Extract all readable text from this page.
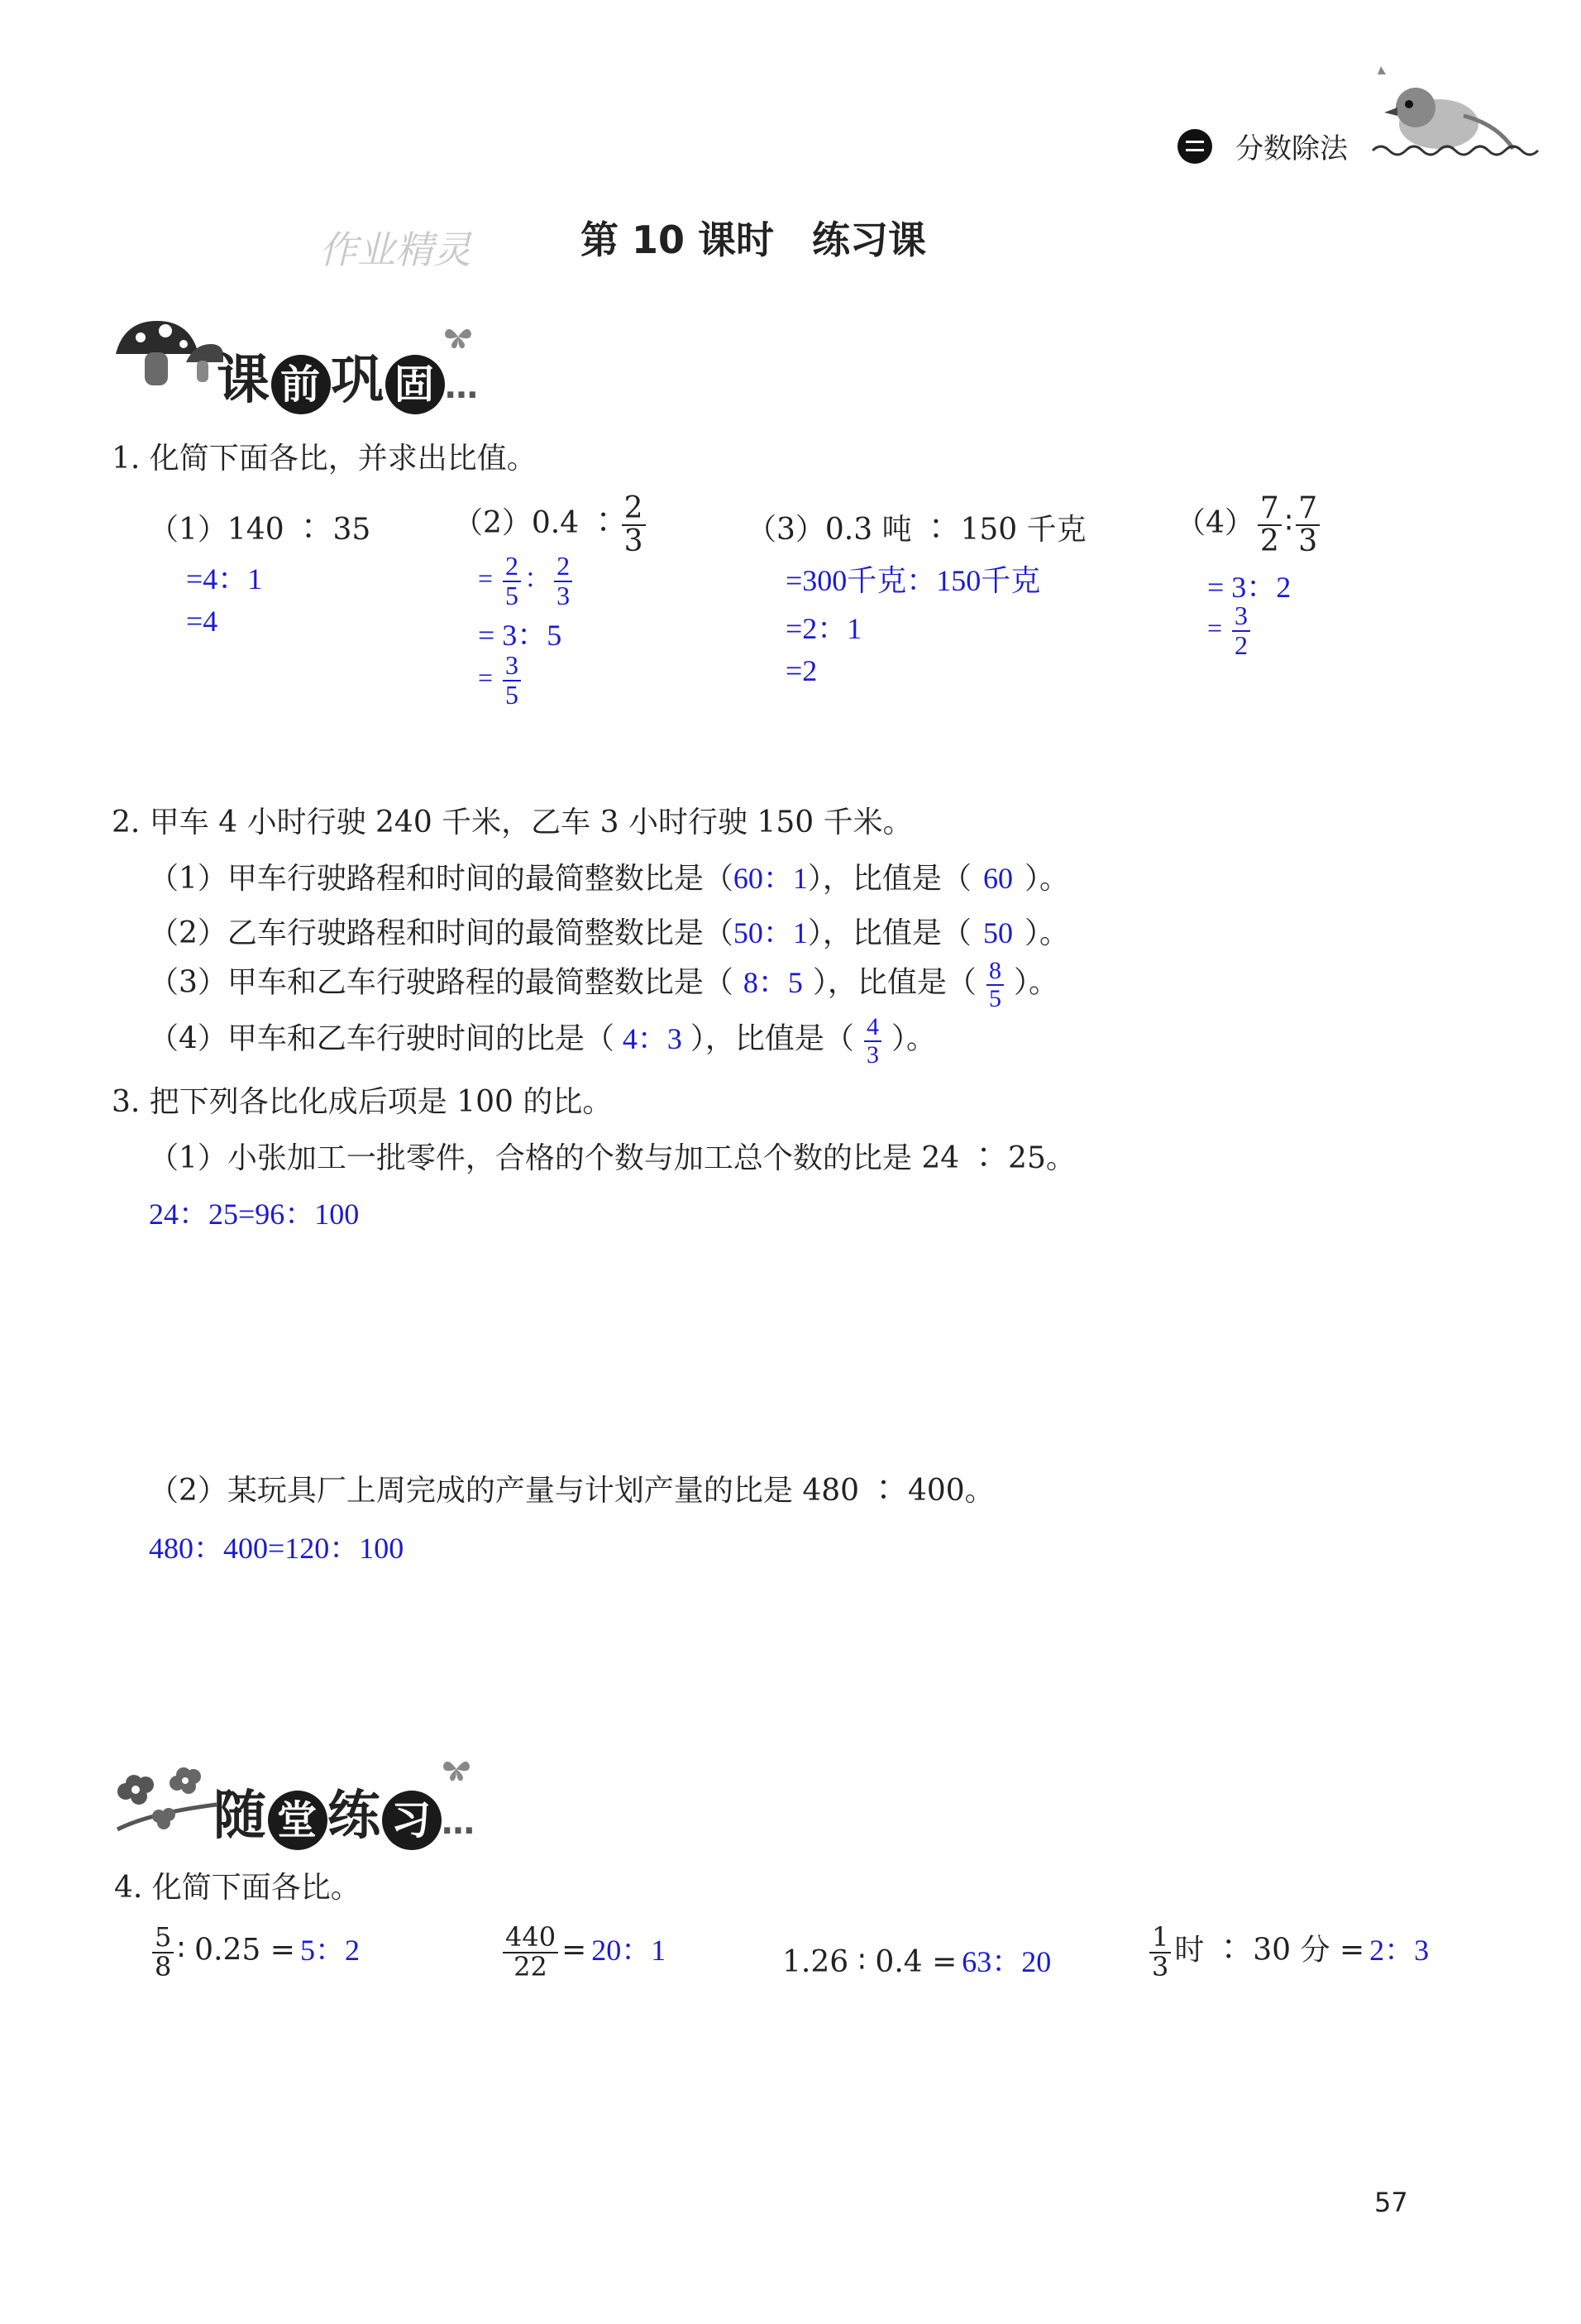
分数除法
作业精灵	第 10 课时　练习课
课 前 巩 固 …
1. 化简下面各比，并求出比值。
（1）140 ∶ 35
=4：1
=4
（2）0.4 ∶ $\frac{2}{3}$
= $\frac{2}{5}$ ： $\frac{2}{3}$
= 3：5
= $\frac{3}{5}$
（3）0.3 吨 ∶ 150 千克
=300千克：150千克
=2：1
=2
$(4) \frac{7}{2}$ ∶ $\frac{7}{3}$
= 3：2
= $\frac{3}{2}$
2. 甲车 4 小时行驶 240 千米，乙车 3 小时行驶 150 千米。
（1）甲车行驶路程和时间的最简整数比是（60：1），比值是（ 60 ）。
（2）乙车行驶路程和时间的最简整数比是（50：1），比值是（ 50 ）。
（3）甲车和乙车行驶路程的最简整数比是（ 8：5 ），比值是（ $\frac{8}{5}$ ）。
（4）甲车和乙车行驶时间的比是（ 4：3 ），比值是（ $\frac{4}{3}$ ）。
3. 把下列各比化成后项是 100 的比。
（1）小张加工一批零件，合格的个数与加工总个数的比是 24 ∶ 25。
24：25=96：100
（2）某玩具厂上周完成的产量与计划产量的比是 480 ∶ 400。
480：400=120：100
随 堂 练 习 …
4. 化简下面各比。
$\frac{5}{8}$ ∶ 0.25 = 5：2	$\frac{440}{22} = 20$：1	1.26 ∶ 0.4 = 63：20	$\frac{1}{3}$ 时 ∶ 30 分 = 2：3
57
